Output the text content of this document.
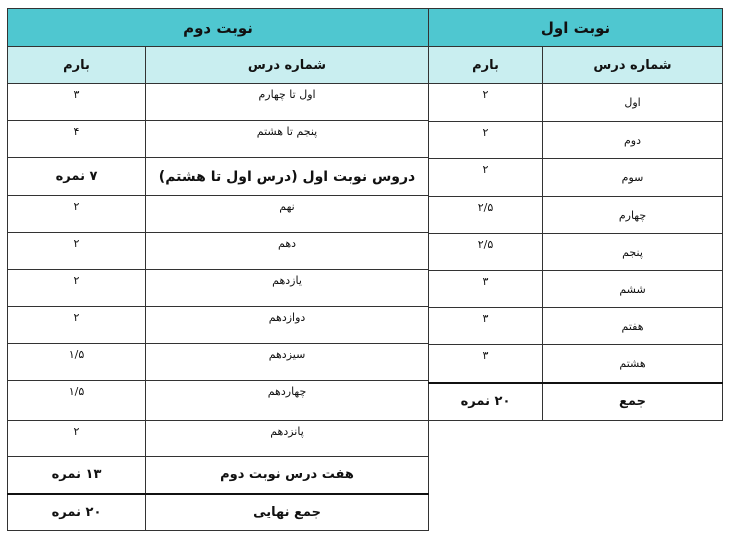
نوبت دوم	
شماره درس	بارم
اول تا چهارم	۳
پنجم تا هشتم	۴
دروس نوبت اول (درس اول تا هشتم)	۷ نمره
نهم	۲
دهم	۲
یازدهم	۲
دوازدهم	۲
سیزدهم	۱/۵
چهاردهم	۱/۵
پانزدهم	۲
هفت درس نوبت دوم	۱۳ نمره
جمع نهایی	۲۰ نمره
نوبت اول	
شماره درس	بارم
اول	۲
دوم	۲
سوم	۲
چهارم	۲/۵
پنجم	۲/۵
ششم	۳
هفتم	۳
هشتم	۳
جمع	۲۰ نمره
